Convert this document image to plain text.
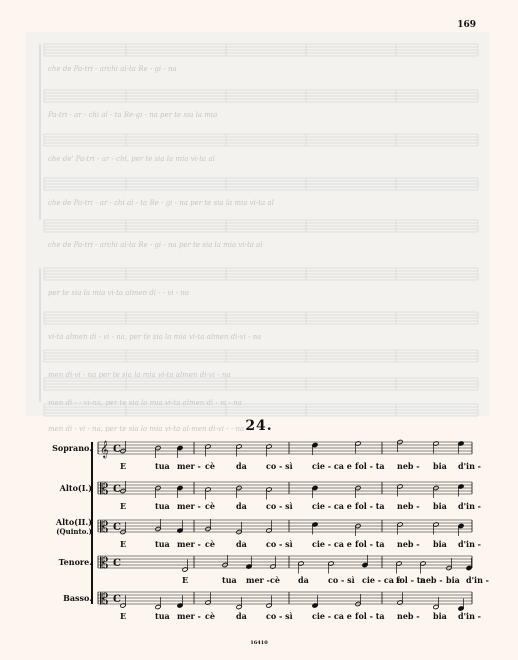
169
che de Pa-tri - archi al-ta Re - gi - na
Pa-tri - ar - chi al - ta Re-gi - na per te sia la mia
che de' Pa-tri - ar - chi, per te sia la mia vi-ta al
che de Pa-tri - ar - chi al - ta Re - gi - na per te sia la mia vi-ta al
che de Pa-tri - archi al-ta Re - gi - na per te sia la mia vi-ta al
per te sia la mia vi-ta almen di - - vi - na
vi-ta almen di - vi - na, per te sia la mia vi-ta almen di-vi - na
men di-vi - na per te sia la mia vi-ta almen di-vi - na
men di - - vi-na, per te sia la mia vi-ta almen di - vi - na
men di - vi - na, per te sia la mia vi-ta al-men di-vi - - na 24.
𝄞 C
E	tua mer - cè	da co - sì cie - ca e fol - ta neb - bia d'in -
𝄡 C
E	tua mer - cè	da co - sì cie - ca e fol - ta neb - bia d'in -
𝄡 C
E	tua mer - cè	da co - sì cie - ca e fol - ta neb - bia d'in -
𝄡 C
E	tua mer - cè da co - sì cie - ca e
fol - ta
neb - bia d'in -
𝄡 C
E	tua mer - cè	da co - sì cie - ca e fol - ta neb - bia d'in -
Soprano.
Alto(I.)
Alto(II.)
(Quinto.)
Tenore.
Basso.
16410
